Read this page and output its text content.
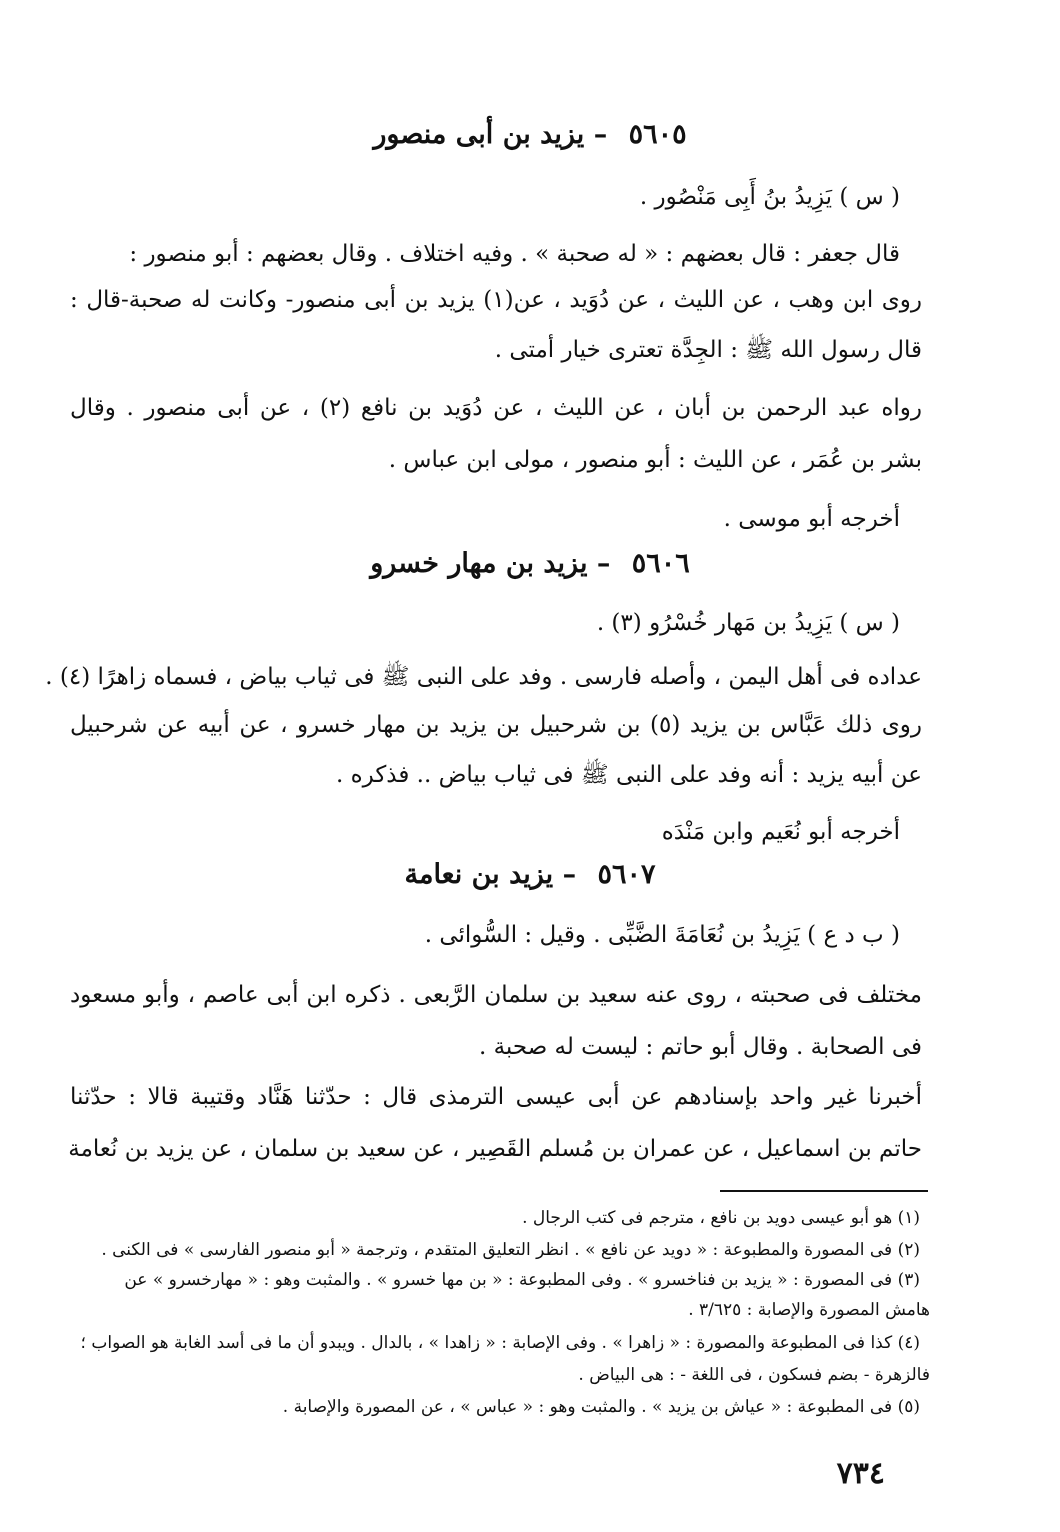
٥٦٠٥ – يزيد بن أبى منصور
( س ) يَزِيدُ بنُ أَبِى مَنْصُور .
قال جعفر : قال بعضهم : « له صحبة » . وفيه اختلاف . وقال بعضهم : أبو منصور :
روى ابن وهب ، عن الليث ، عن دُوَيد ، عن(١) يزيد بن أبى منصور- وكانت له صحبة-قال :
قال رسول الله ﷺ : الجِدَّة تعترى خيار أمتى .
رواه عبد الرحمن بن أبان ، عن الليث ، عن دُوَيد بن نافع (٢) ، عن أبى منصور . وقال
بشر بن عُمَر ، عن الليث : أبو منصور ، مولى ابن عباس .
أخرجه أبو موسى .
٥٦٠٦ – يزيد بن مهار خسرو
( س ) يَزِيدُ بن مَهار خُسْرُو (٣) .
عداده فى أهل اليمن ، وأصله فارسى . وفد على النبى ﷺ فى ثياب بياض ، فسماه زاهرًا (٤) .
روى ذلك عَبَّاس بن يزيد (٥) بن شرحبيل بن يزيد بن مهار خسرو ، عن أبيه عن شرحبيل
عن أبيه يزيد : أنه وفد على النبى ﷺ فى ثياب بياض .. فذكره .
أخرجه أبو نُعَيم وابن مَنْدَه
٥٦٠٧ – يزيد بن نعامة
( ب د ع ) يَزِيدُ بن نُعَامَةَ الضَّبِّى . وقيل : السُّوائى .
مختلف فى صحبته ، روى عنه سعيد بن سلمان الرَّبعى . ذكره ابن أبى عاصم ، وأبو مسعود
فى الصحابة . وقال أبو حاتم : ليست له صحبة .
أخبرنا غير واحد بإسنادهم عن أبى عيسى الترمذى قال : حدّثنا هَنَّاد وقتيبة قالا : حدّثنا
حاتم بن اسماعيل ، عن عمران بن مُسلم القَصِير ، عن سعيد بن سلمان ، عن يزيد بن نُعامة
(١) هو أبو عيسى دويد بن نافع ، مترجم فى كتب الرجال .
(٢) فى المصورة والمطبوعة : « دويد عن نافع » . انظر التعليق المتقدم ، وترجمة « أبو منصور الفارسى » فى الكنى .
(٣) فى المصورة : « يزيد بن فناخسرو » . وفى المطبوعة : « بن مها خسرو » . والمثبت وهو : « مهارخسرو » عن
هامش المصورة والإصابة : ٣/٦٢٥ .
(٤) كذا فى المطبوعة والمصورة : « زاهرا » . وفى الإصابة : « زاهدا » ، بالدال . ويبدو أن ما فى أسد الغابة هو الصواب ؛
فالزهرة - بضم فسكون ، فى اللغة - : هى البياض .
(٥) فى المطبوعة : « عياش بن يزيد » . والمثبت وهو : « عباس » ، عن المصورة والإصابة .
٧٣٤
